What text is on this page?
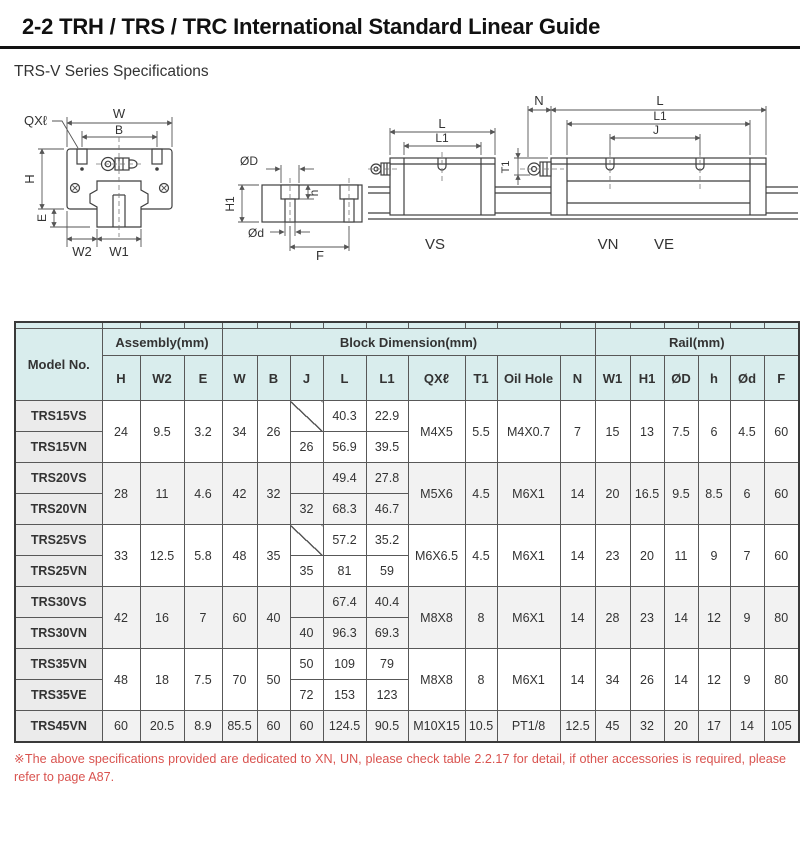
2-2 TRH / TRS / TRC International Standard Linear Guide
TRS-V Series Specifications
W
B
QXℓ
H
E
W2 W1
ØD
H1
h
Ød
F
L
L1
N	L
L1
J
T1
VS	VN VE

Model No.	Assembly(mm)			Block Dimension(mm)									Rail(mm)					
	H	W2	E	W	B	J	L	L1	QXℓ	T1	Oil Hole	N	W1	H1	ØD	h	Ød	F
TRS15VS	24	9.5	3.2	34	26		40.3	22.9	M4X5	5.5	M4X0.7	7	15	13	7.5	6	4.5	60
TRS15VN						26	56.9	39.5										
TRS20VS	28	11	4.6	42	32		49.4	27.8	M5X6	4.5	M6X1	14	20	16.5	9.5	8.5	6	60
TRS20VN						32	68.3	46.7										
TRS25VS	33	12.5	5.8	48	35		57.2	35.2	M6X6.5	4.5	M6X1	14	23	20	11	9	7	60
TRS25VN						35	81	59										
TRS30VS	42	16	7	60	40		67.4	40.4	M8X8	8	M6X1	14	28	23	14	12	9	80
TRS30VN						40	96.3	69.3										
TRS35VN	48	18	7.5	70	50	50	109	79	M8X8	8	M6X1	14	34	26	14	12	9	80
TRS35VE						72	153	123										
TRS45VN	60	20.5	8.9	85.5	60	60	124.5	90.5	M10X15	10.5	PT1/8	12.5	45	32	20	17	14	105
※The above specifications provided are dedicated to XN, UN, please check table 2.2.17 for detail, if other accessories is required, please refer to page A87.
